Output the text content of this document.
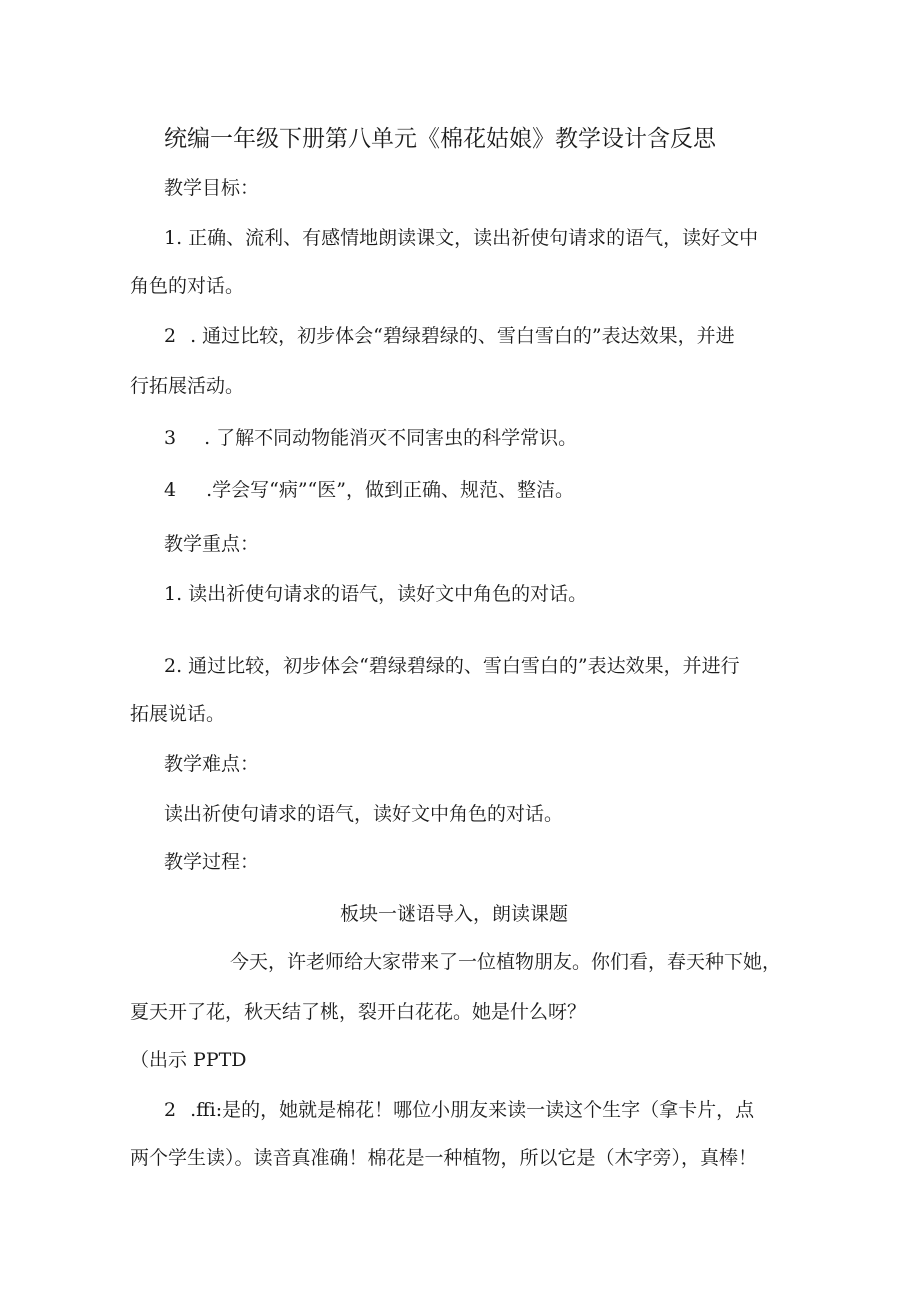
统编一年级下册第八单元《棉花姑娘》教学设计含反思
教学目标：
1. 正确、流利、有感情地朗读课文，读出祈使句请求的语气，读好文中
角色的对话。
2 . 通过比较，初步体会“碧绿碧绿的、雪白雪白的”表达效果，并进
行拓展活动。
3 . 了解不同动物能消灭不同害虫的科学常识。
4 .学会写“病”“医”，做到正确、规范、整洁。
教学重点：
1. 读出祈使句请求的语气，读好文中角色的对话。
2. 通过比较，初步体会“碧绿碧绿的、雪白雪白的”表达效果，并进行
拓展说话。
教学难点：
读出祈使句请求的语气，读好文中角色的对话。
教学过程：
板块一谜语导入，朗读课题
今天，许老师给大家带来了一位植物朋友。你们看，春天种下她，
夏天开了花，秋天结了桃，裂开白花花。她是什么呀？
（出示 PPTD
2 .ffi:是的，她就是棉花！哪位小朋友来读一读这个生字（拿卡片，点
两个学生读）。读音真准确！棉花是一种植物，所以它是（木字旁），真棒！
